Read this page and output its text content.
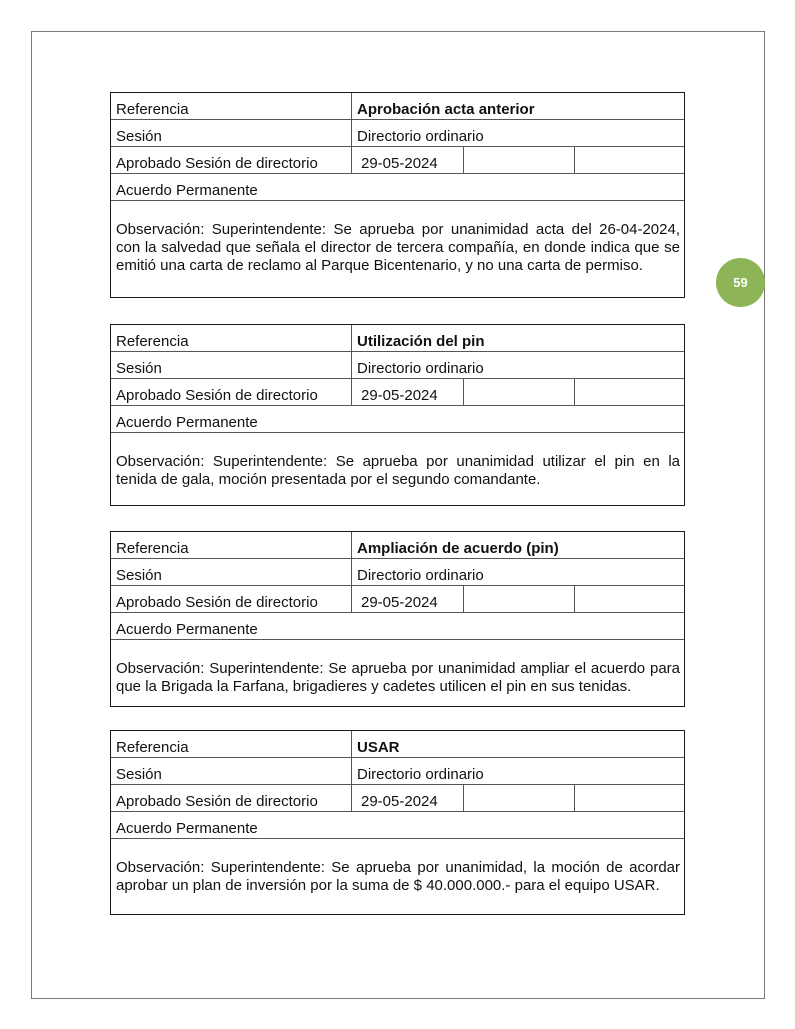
59
Referencia	Aprobación acta anterior
Sesión	Directorio ordinario
Aprobado Sesión de directorio	29-05-2024
Acuerdo Permanente
Observación: Superintendente: Se aprueba por unanimidad acta del 26-04-2024, con la salvedad que señala el director de tercera compañía, en donde indica que se emitió una carta de reclamo al Parque Bicentenario, y no una carta de permiso.
Referencia	Utilización del pin
Sesión	Directorio ordinario
Aprobado Sesión de directorio	29-05-2024
Acuerdo Permanente
Observación: Superintendente: Se aprueba por unanimidad utilizar el pin en la tenida de gala, moción presentada por el segundo comandante.
Referencia	Ampliación de acuerdo (pin)
Sesión	Directorio ordinario
Aprobado Sesión de directorio	29-05-2024
Acuerdo Permanente
Observación: Superintendente: Se aprueba por unanimidad ampliar el acuerdo para que la Brigada la Farfana, brigadieres y cadetes utilicen el pin en sus tenidas.
Referencia	USAR
Sesión	Directorio ordinario
Aprobado Sesión de directorio	29-05-2024
Acuerdo Permanente
Observación: Superintendente: Se aprueba por unanimidad, la moción de acordar aprobar un plan de inversión por la suma de $ 40.000.000.- para el equipo USAR.
